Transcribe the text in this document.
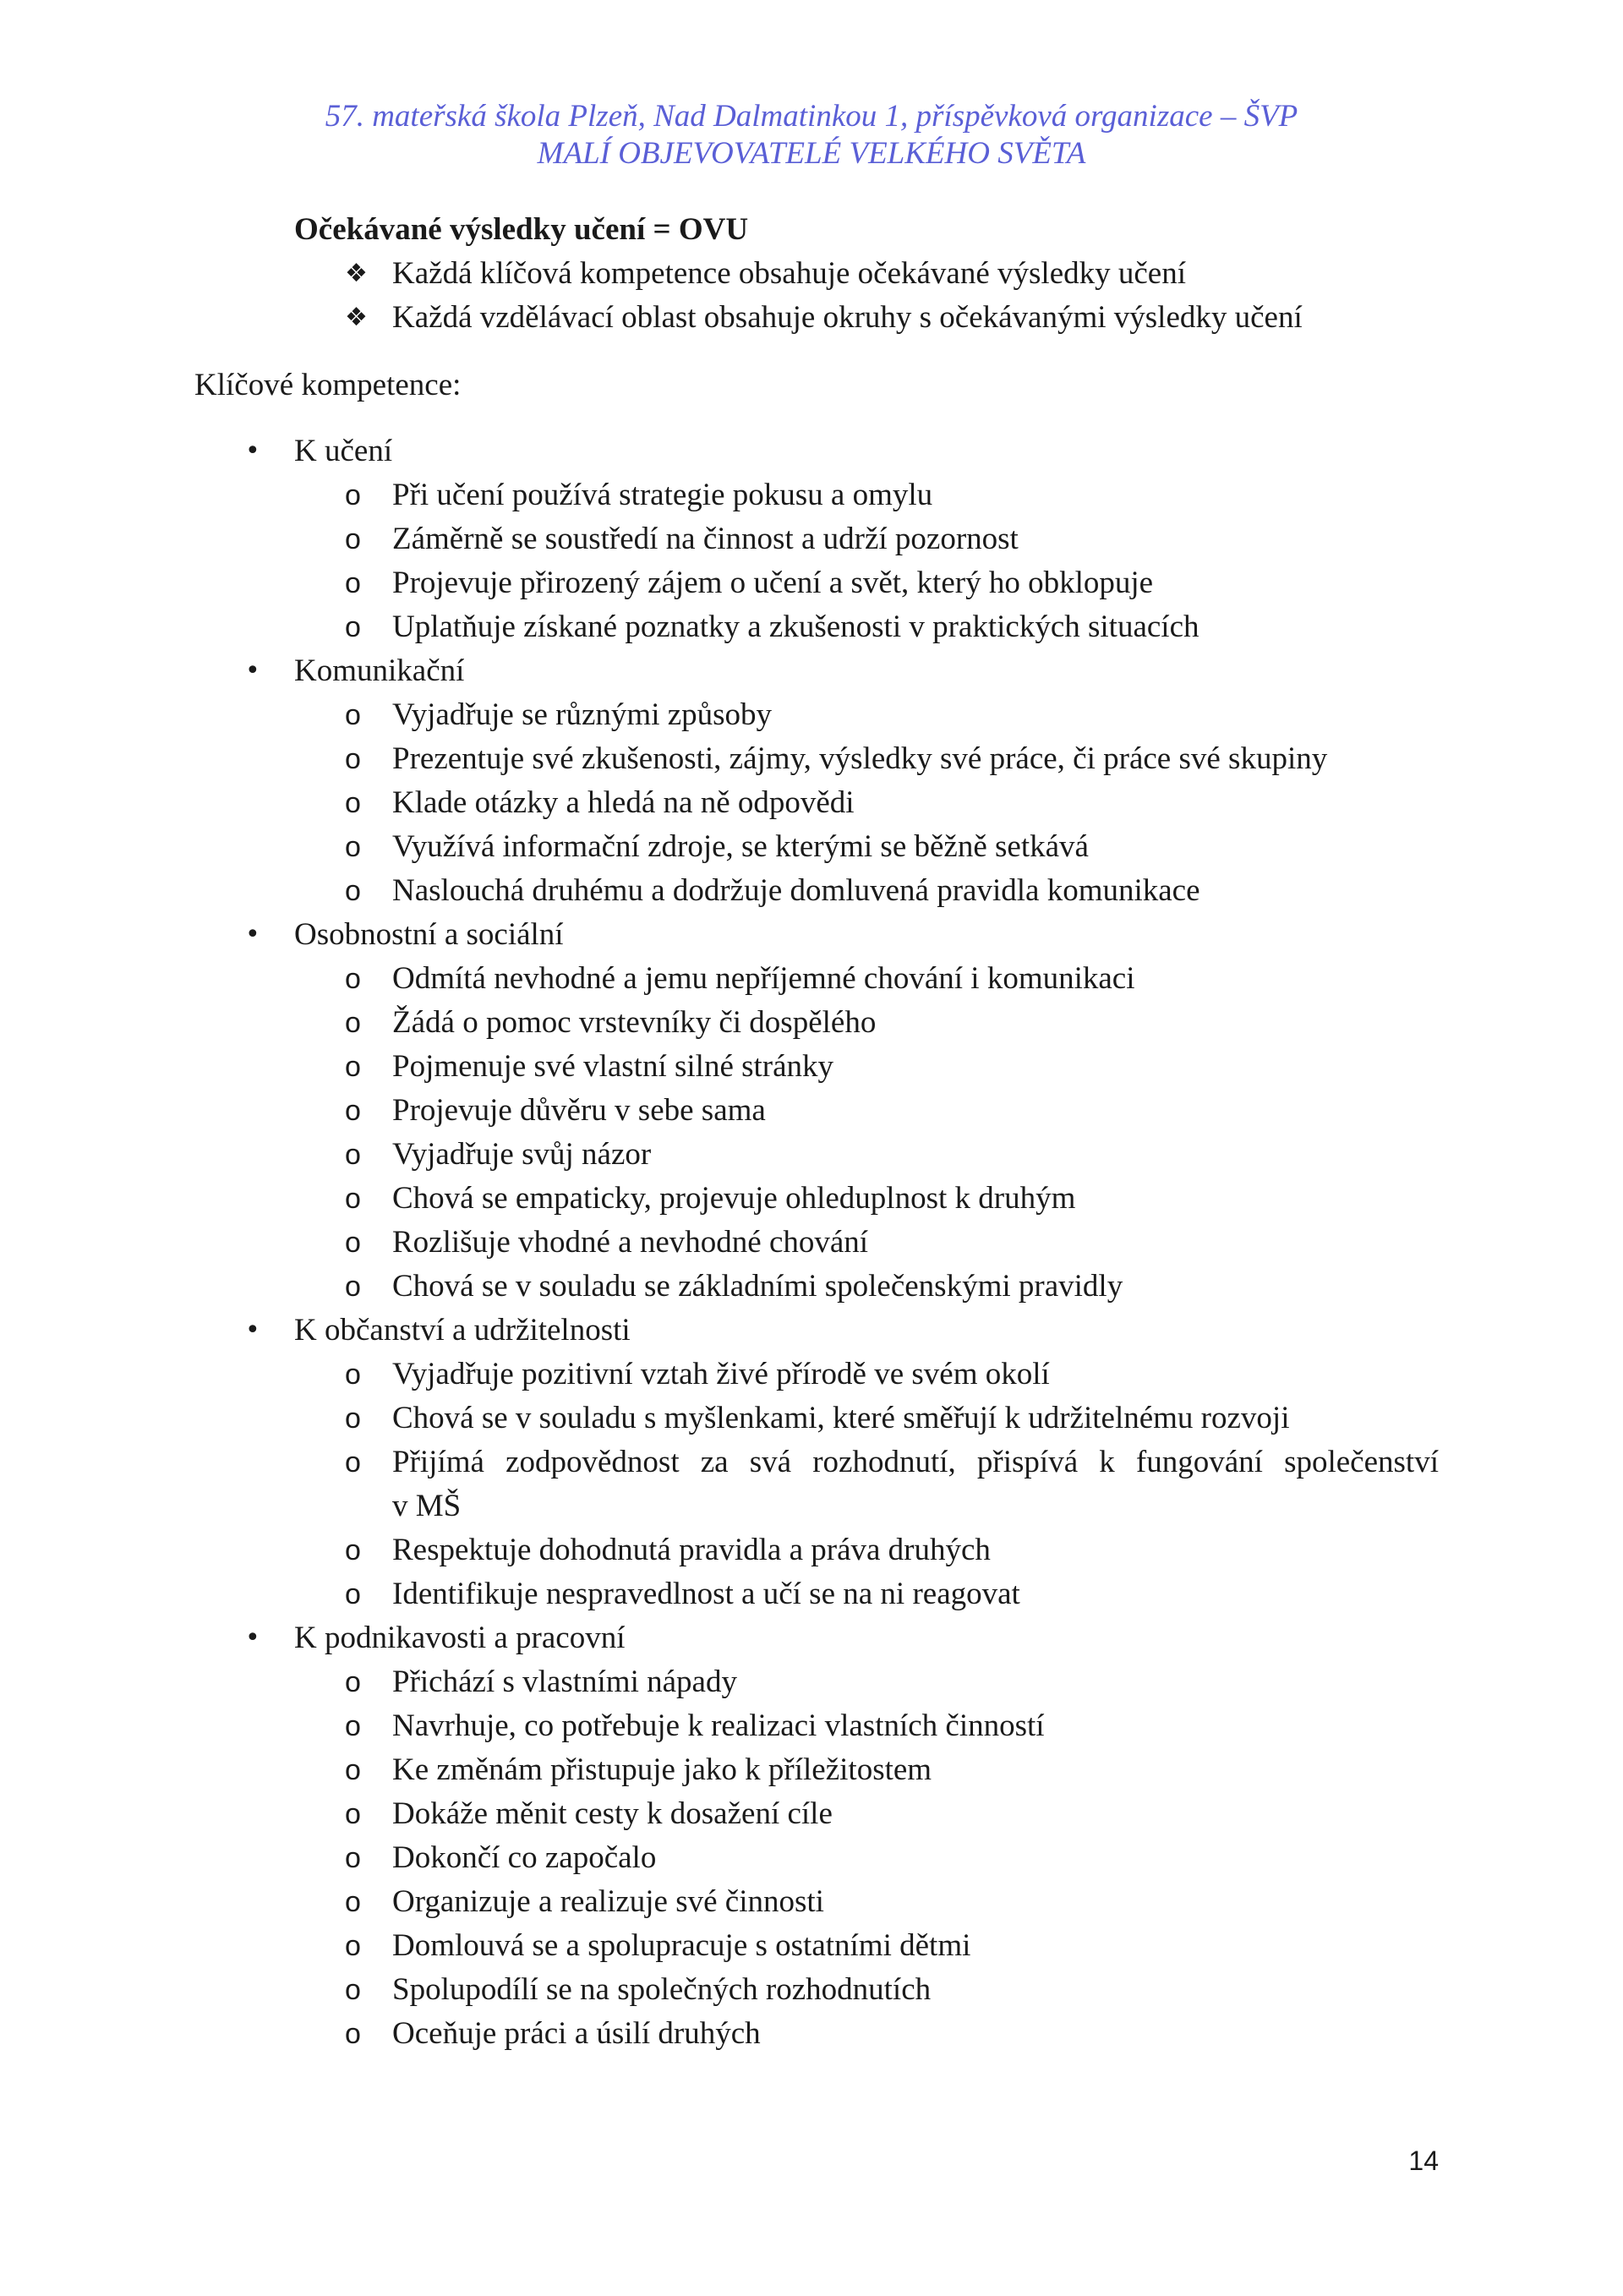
57. mateřská škola Plzeň, Nad Dalmatinkou 1, příspěvková organizace – ŠVP
MALÍ OBJEVOVATELÉ VELKÉHO SVĚTA
Očekávané výsledky učení = OVU
❖ Každá klíčová kompetence obsahuje očekávané výsledky učení
❖ Každá vzdělávací oblast obsahuje okruhy s očekávanými výsledky učení
Klíčové kompetence:
• K učení
o Při učení používá strategie pokusu a omylu
o Záměrně se soustředí na činnost a udrží pozornost
o Projevuje přirozený zájem o učení a svět, který ho obklopuje
o Uplatňuje získané poznatky a zkušenosti v praktických situacích
• Komunikační
o Vyjadřuje se různými způsoby
o Prezentuje své zkušenosti, zájmy, výsledky své práce, či práce své skupiny
o Klade otázky a hledá na ně odpovědi
o Využívá informační zdroje, se kterými se běžně setkává
o Naslouchá druhému a dodržuje domluvená pravidla komunikace
• Osobnostní a sociální
o Odmítá nevhodné a jemu nepříjemné chování i komunikaci
o Žádá o pomoc vrstevníky či dospělého
o Pojmenuje své vlastní silné stránky
o Projevuje důvěru v sebe sama
o Vyjadřuje svůj názor
o Chová se empaticky, projevuje ohleduplnost k druhým
o Rozlišuje vhodné a nevhodné chování
o Chová se v souladu se základními společenskými pravidly
• K občanství a udržitelnosti
o Vyjadřuje pozitivní vztah živé přírodě ve svém okolí
o Chová se v souladu s myšlenkami, které směřují k udržitelnému rozvoji
o Přijímá zodpovědnost za svá rozhodnutí, přispívá k fungování společenství
v MŠ
o Respektuje dohodnutá pravidla a práva druhých
o Identifikuje nespravedlnost a učí se na ni reagovat
• K podnikavosti a pracovní
o Přichází s vlastními nápady
o Navrhuje, co potřebuje k realizaci vlastních činností
o Ke změnám přistupuje jako k příležitostem
o Dokáže měnit cesty k dosažení cíle
o Dokončí co započalo
o Organizuje a realizuje své činnosti
o Domlouvá se a spolupracuje s ostatními dětmi
o Spolupodílí se na společných rozhodnutích
o Oceňuje práci a úsilí druhých
14
